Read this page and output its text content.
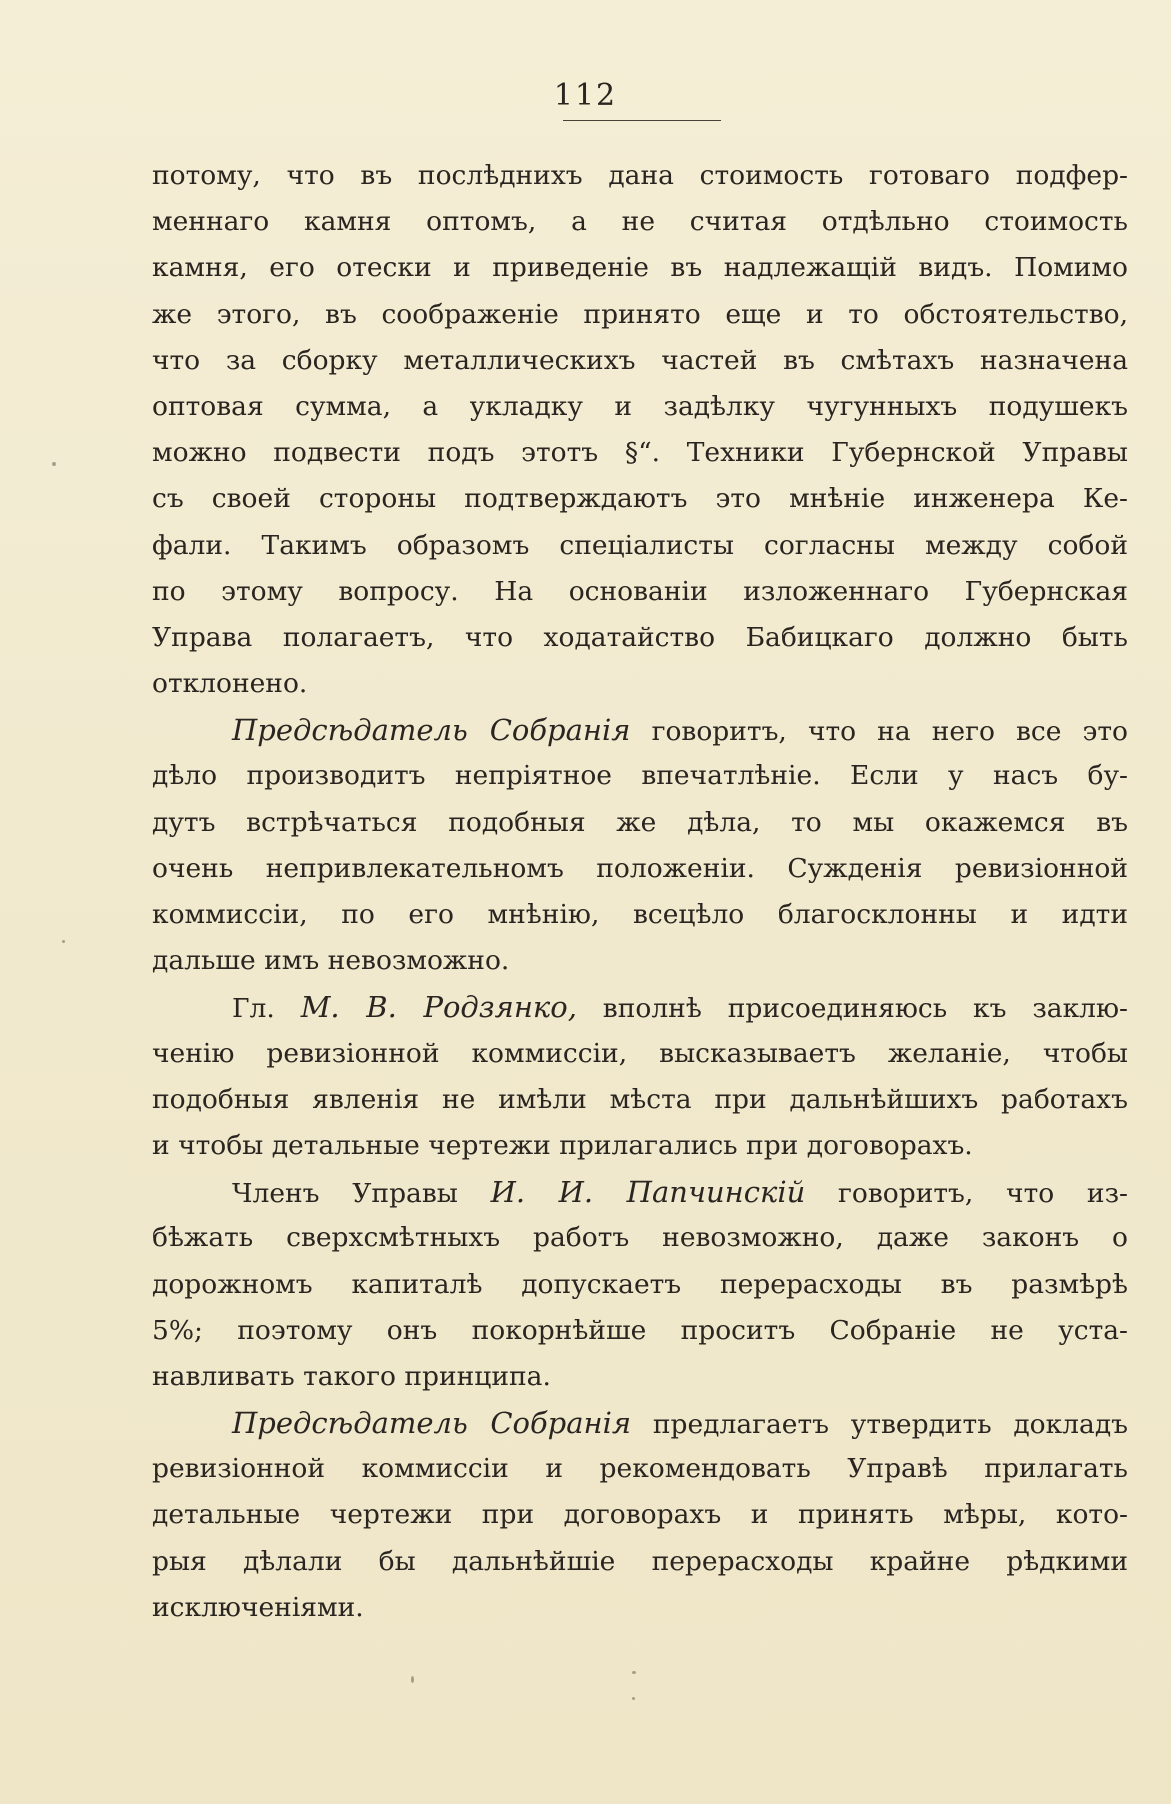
112
потому, что въ послѣднихъ дана стоимость готоваго подфер-
меннаго камня оптомъ, а не считая отдѣльно стоимость
камня, его отески и приведеніе въ надлежащій видъ. Помимо
же этого, въ соображеніе принято еще и то обстоятельство,
что за сборку металлическихъ частей въ смѣтахъ назначена
оптовая сумма, а укладку и задѣлку чугунныхъ подушекъ
можно подвести подъ этотъ §“. Техники Губернской Управы
съ своей стороны подтверждаютъ это мнѣніе инженера Ке-
фали. Такимъ образомъ спеціалисты согласны между собой
по этому вопросу. На основаніи изложеннаго Губернская
Управа полагаетъ, что ходатайство Бабицкаго должно быть
отклонено.
Предсѣдатель Собранія говоритъ, что на него все это
дѣло производитъ непріятное впечатлѣніе. Если у насъ бу-
дутъ встрѣчаться подобныя же дѣла, то мы окажемся въ
очень непривлекательномъ положеніи. Сужденія ревизіонной
коммиссіи, по его мнѣнію, всецѣло благосклонны и идти
дальше имъ невозможно.
Гл. М. В. Родзянко, вполнѣ присоединяюсь къ заклю-
ченію ревизіонной коммиссіи, высказываетъ желаніе, чтобы
подобныя явленія не имѣли мѣста при дальнѣйшихъ работахъ
и чтобы детальные чертежи прилагались при договорахъ.
Членъ Управы И. И. Папчинскій говоритъ, что из-
бѣжать сверхсмѣтныхъ работъ невозможно, даже законъ о
дорожномъ капиталѣ допускаетъ перерасходы въ размѣрѣ
5%; поэтому онъ покорнѣйше проситъ Собраніе не уста-
навливать такого принципа.
Предсѣдатель Собранія предлагаетъ утвердить докладъ
ревизіонной коммиссіи и рекомендовать Управѣ прилагать
детальные чертежи при договорахъ и принять мѣры, кото-
рыя дѣлали бы дальнѣйшіе перерасходы крайне рѣдкими
исключеніями.
